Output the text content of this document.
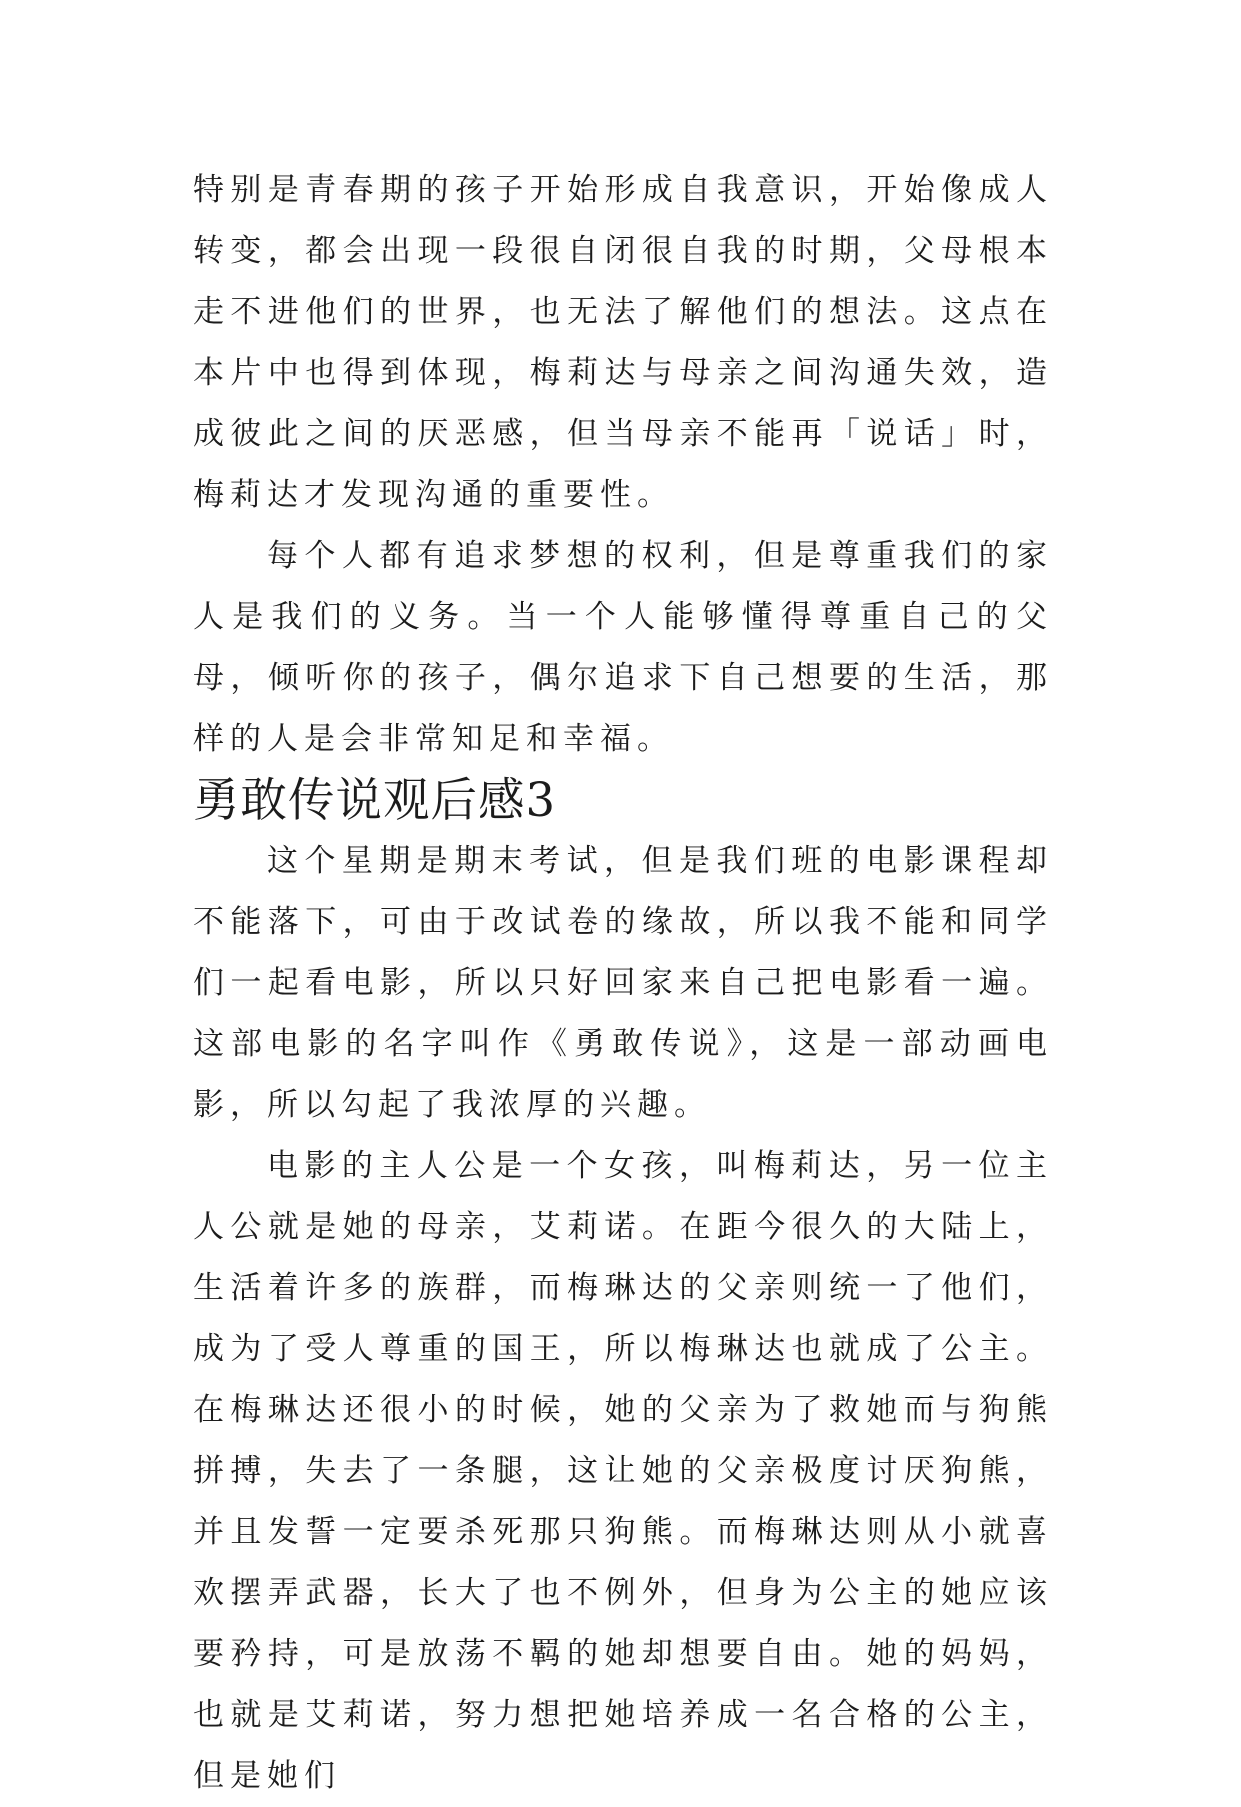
特别是青春期的孩子开始形成自我意识，开始像成人转变，都会出现一段很自闭很自我的时期，父母根本走不进他们的世界，也无法了解他们的想法。这点在本片中也得到体现，梅莉达与母亲之间沟通失效，造成彼此之间的厌恶感，但当母亲不能再「说话」时，梅莉达才发现沟通的重要性。

每个人都有追求梦想的权利，但是尊重我们的家人是我们的义务。当一个人能够懂得尊重自己的父母，倾听你的孩子，偶尔追求下自己想要的生活，那样的人是会非常知足和幸福。

勇敢传说观后感3

这个星期是期末考试，但是我们班的电影课程却不能落下，可由于改试卷的缘故，所以我不能和同学们一起看电影，所以只好回家来自己把电影看一遍。这部电影的名字叫作《勇敢传说》，这是一部动画电影，所以勾起了我浓厚的兴趣。

电影的主人公是一个女孩，叫梅莉达，另一位主人公就是她的母亲，艾莉诺。在距今很久的大陆上，生活着许多的族群，而梅琳达的父亲则统一了他们，成为了受人尊重的国王，所以梅琳达也就成了公主。在梅琳达还很小的时候，她的父亲为了救她而与狗熊拼搏，失去了一条腿，这让她的父亲极度讨厌狗熊，并且发誓一定要杀死那只狗熊。而梅琳达则从小就喜欢摆弄武器，长大了也不例外，但身为公主的她应该要矜持，可是放荡不羁的她却想要自由。她的妈妈，也就是艾莉诺，努力想把她培养成一名合格的公主，但是她们
